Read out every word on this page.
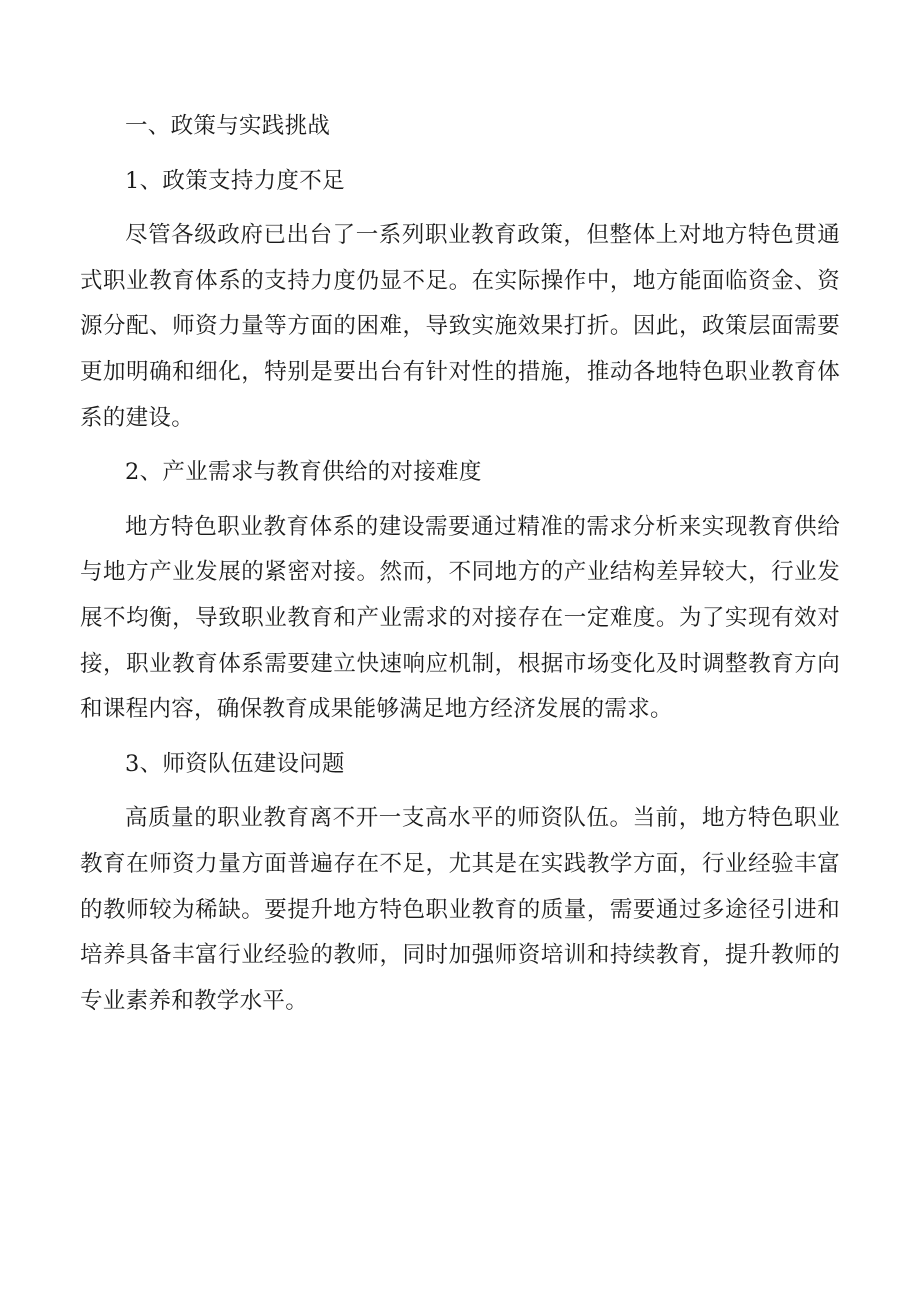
一、政策与实践挑战

1、政策支持力度不足

尽管各级政府已出台了一系列职业教育政策，但整体上对地方特色贯通式职业教育体系的支持力度仍显不足。在实际操作中，地方能面临资金、资源分配、师资力量等方面的困难，导致实施效果打折。因此，政策层面需要更加明确和细化，特别是要出台有针对性的措施，推动各地特色职业教育体系的建设。

2、产业需求与教育供给的对接难度

地方特色职业教育体系的建设需要通过精准的需求分析来实现教育供给与地方产业发展的紧密对接。然而，不同地方的产业结构差异较大，行业发展不均衡，导致职业教育和产业需求的对接存在一定难度。为了实现有效对接，职业教育体系需要建立快速响应机制，根据市场变化及时调整教育方向和课程内容，确保教育成果能够满足地方经济发展的需求。

3、师资队伍建设问题

高质量的职业教育离不开一支高水平的师资队伍。当前，地方特色职业教育在师资力量方面普遍存在不足，尤其是在实践教学方面，行业经验丰富的教师较为稀缺。要提升地方特色职业教育的质量，需要通过多途径引进和培养具备丰富行业经验的教师，同时加强师资培训和持续教育，提升教师的专业素养和教学水平。
